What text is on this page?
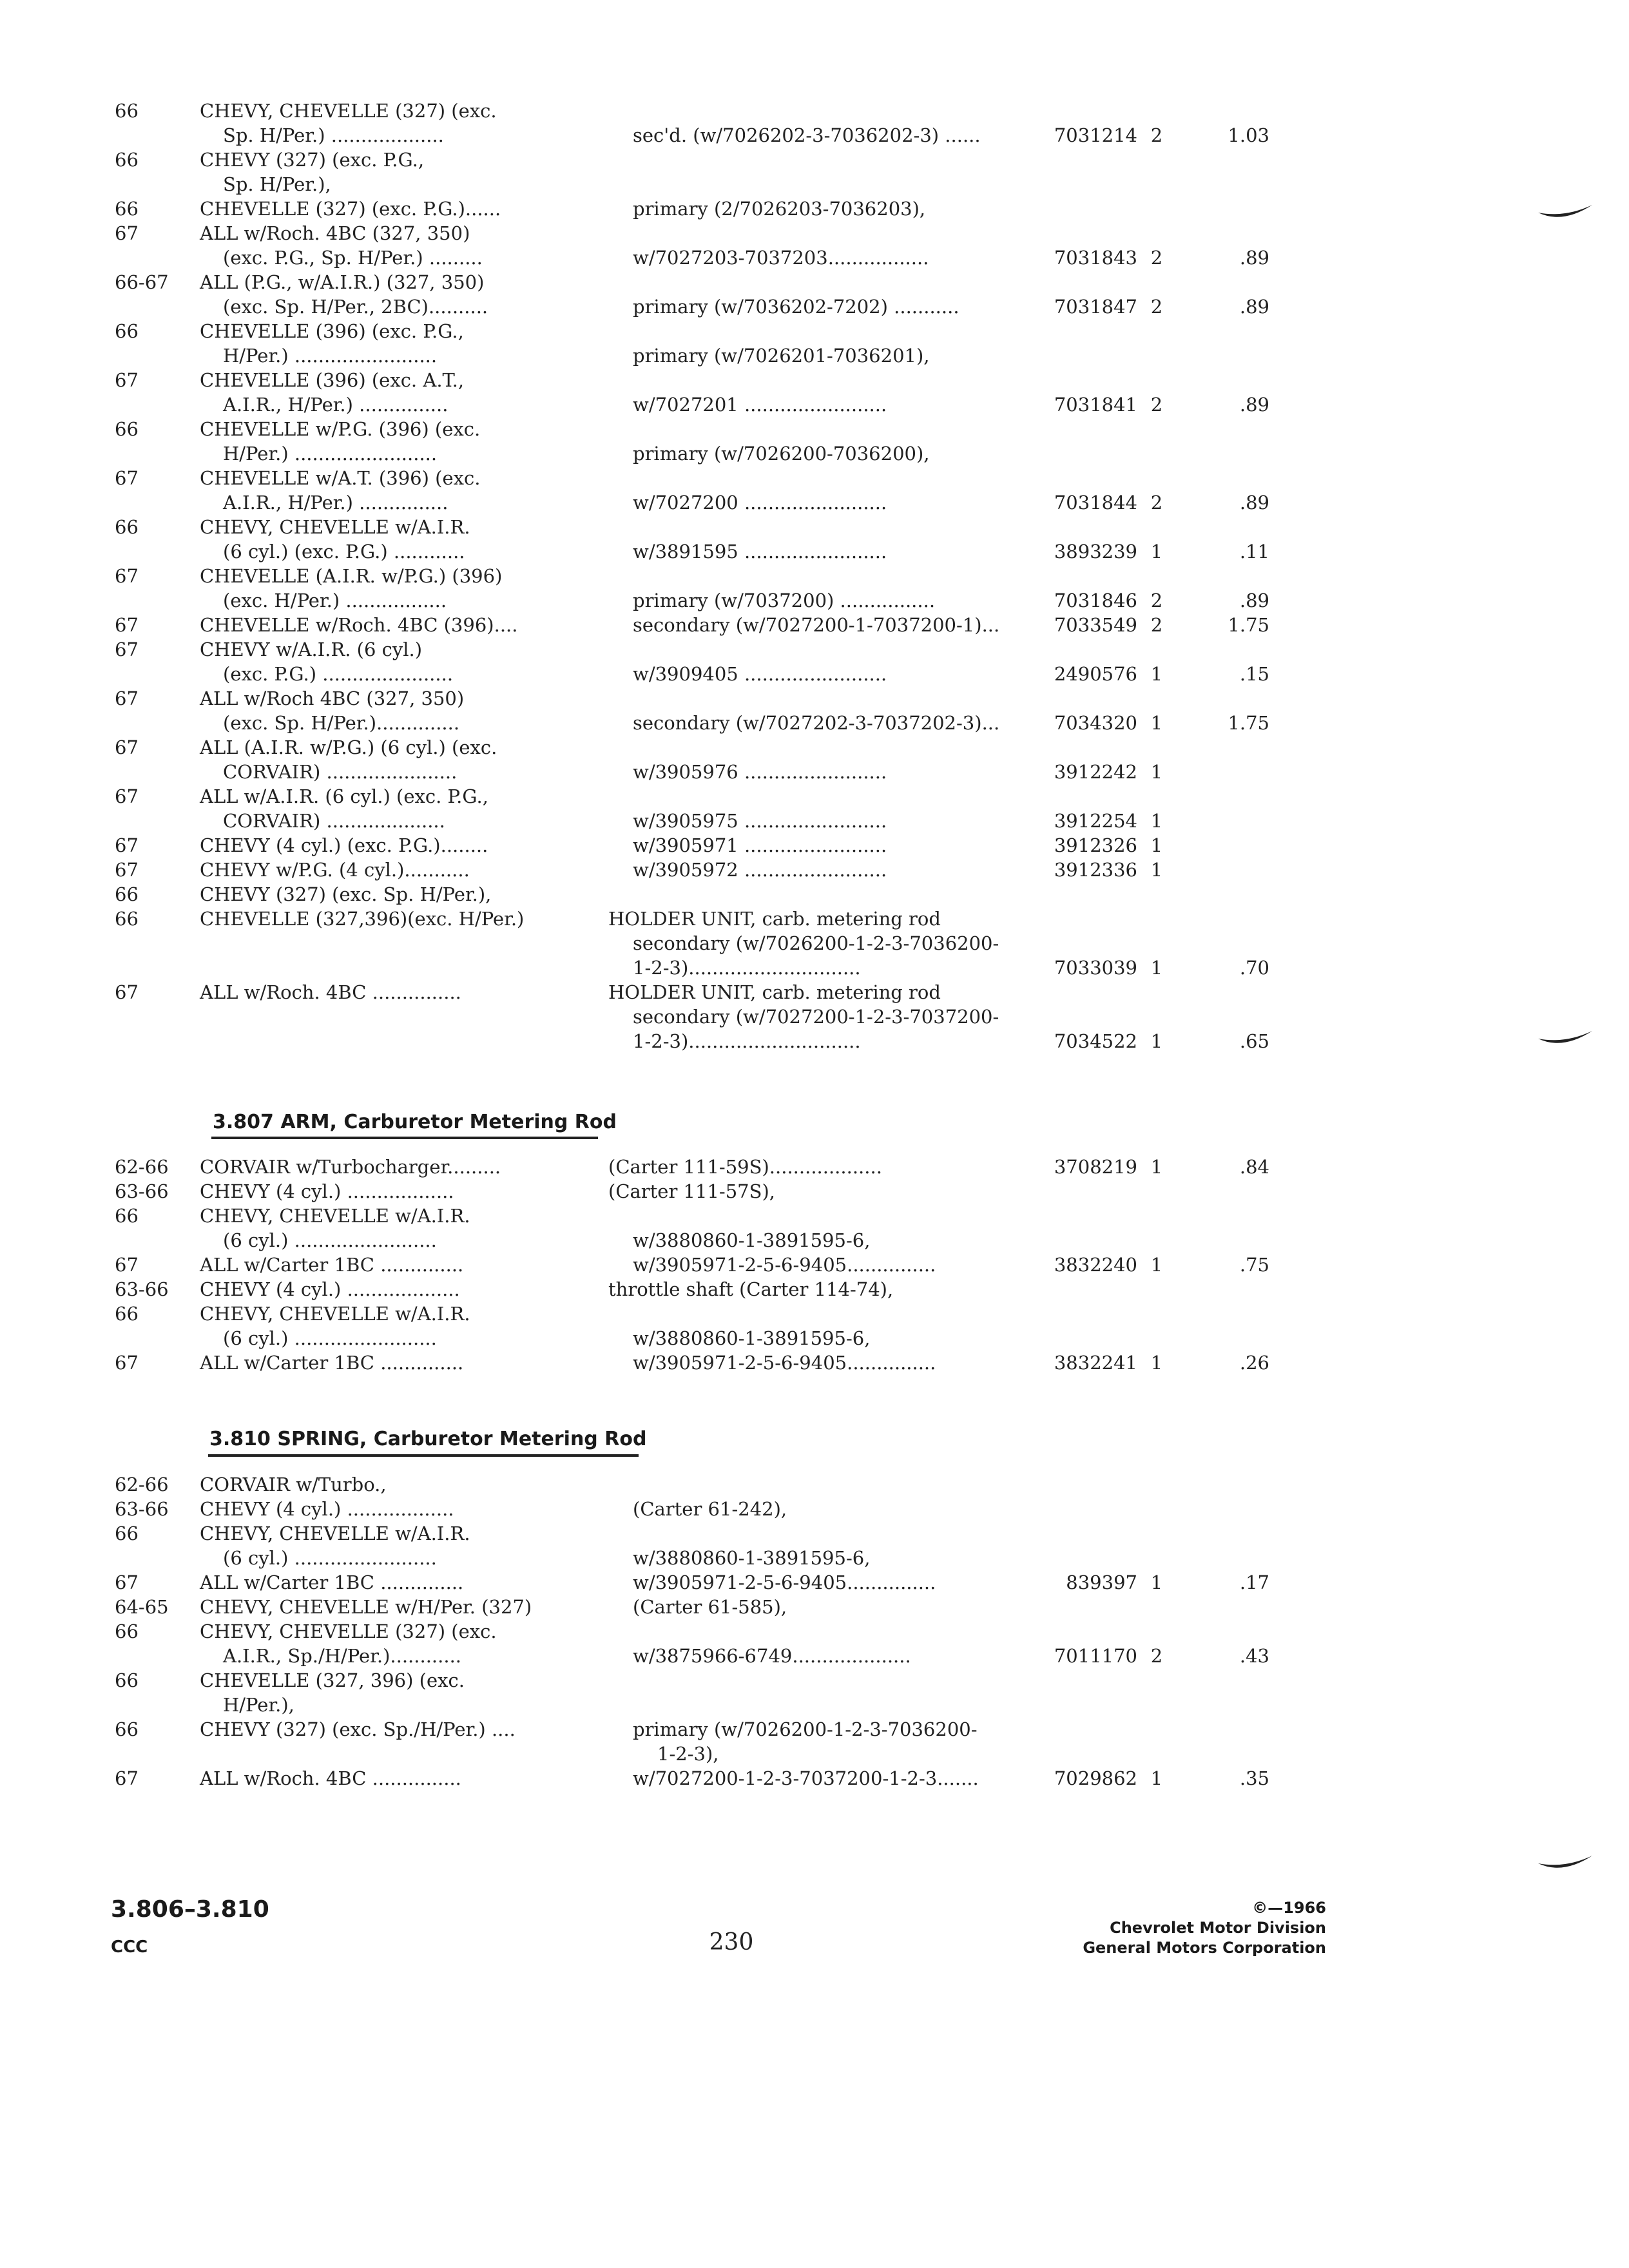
66	CHEVY, CHEVELLE (327) (exc.
Sp. H/Per.) ...................	sec'd. (w/7026202-3-7036202-3) ......	7031214 2	1.03
66	CHEVY (327) (exc. P.G.,
Sp. H/Per.),
66	CHEVELLE (327) (exc. P.G.)......	primary (2/7026203-7036203),
67	ALL w/Roch. 4BC (327, 350)
(exc. P.G., Sp. H/Per.) .........	w/7027203-7037203.................	7031843 2	.89
66-67	ALL (P.G., w/A.I.R.) (327, 350)
(exc. Sp. H/Per., 2BC)..........	primary (w/7036202-7202) ...........	7031847 2	.89
66	CHEVELLE (396) (exc. P.G.,
H/Per.) ........................	primary (w/7026201-7036201),
67	CHEVELLE (396) (exc. A.T.,
A.I.R., H/Per.) ...............	w/7027201 ........................	7031841 2	.89
66	CHEVELLE w/P.G. (396) (exc.
H/Per.) ........................	primary (w/7026200-7036200),
67	CHEVELLE w/A.T. (396) (exc.
A.I.R., H/Per.) ...............	w/7027200 ........................	7031844 2	.89
66	CHEVY, CHEVELLE w/A.I.R.
(6 cyl.) (exc. P.G.) ............	w/3891595 ........................	3893239 1	.11
67	CHEVELLE (A.I.R. w/P.G.) (396)
(exc. H/Per.) .................	primary (w/7037200) ................	7031846 2	.89
67	CHEVELLE w/Roch. 4BC (396)....	secondary (w/7027200-1-7037200-1)...	7033549 2	1.75
67	CHEVY w/A.I.R. (6 cyl.)
(exc. P.G.) ......................	w/3909405 ........................	2490576 1	.15
67	ALL w/Roch 4BC (327, 350)
(exc. Sp. H/Per.)..............	secondary (w/7027202-3-7037202-3)...	7034320 1	1.75
67	ALL (A.I.R. w/P.G.) (6 cyl.) (exc.
CORVAIR) ......................	w/3905976 ........................	3912242 1
67	ALL w/A.I.R. (6 cyl.) (exc. P.G.,
CORVAIR) ....................	w/3905975 ........................	3912254 1
67	CHEVY (4 cyl.) (exc. P.G.)........	w/3905971 ........................	3912326 1
67	CHEVY w/P.G. (4 cyl.)...........	w/3905972 ........................	3912336 1
66	CHEVY (327) (exc. Sp. H/Per.),
66	CHEVELLE (327,396)(exc. H/Per.)	HOLDER UNIT, carb. metering rod
secondary (w/7026200-1-2-3-7036200-
1-2-3).............................	7033039 1	.70
67	ALL w/Roch. 4BC ...............	HOLDER UNIT, carb. metering rod
secondary (w/7027200-1-2-3-7037200-
1-2-3).............................	7034522 1	.65
3.807 ARM, Carburetor Metering Rod
62-66	CORVAIR w/Turbocharger.........	(Carter 111-59S)...................	3708219 1	.84
63-66	CHEVY (4 cyl.) ..................	(Carter 111-57S),
66	CHEVY, CHEVELLE w/A.I.R.
(6 cyl.) ........................	w/3880860-1-3891595-6,
67	ALL w/Carter 1BC ..............	w/3905971-2-5-6-9405...............	3832240 1	.75
63-66	CHEVY (4 cyl.) ...................	throttle shaft (Carter 114-74),
66	CHEVY, CHEVELLE w/A.I.R.
(6 cyl.) ........................	w/3880860-1-3891595-6,
67	ALL w/Carter 1BC ..............	w/3905971-2-5-6-9405...............	3832241 1	.26
3.810 SPRING, Carburetor Metering Rod
62-66	CORVAIR w/Turbo.,
63-66	CHEVY (4 cyl.) ..................	(Carter 61-242),
66	CHEVY, CHEVELLE w/A.I.R.
(6 cyl.) ........................	w/3880860-1-3891595-6,
67	ALL w/Carter 1BC ..............	w/3905971-2-5-6-9405...............	839397 1	.17
64-65	CHEVY, CHEVELLE w/H/Per. (327)	(Carter 61-585),
66	CHEVY, CHEVELLE (327) (exc.
A.I.R., Sp./H/Per.)............	w/3875966-6749....................	7011170 2	.43
66	CHEVELLE (327, 396) (exc.
H/Per.),
66	CHEVY (327) (exc. Sp./H/Per.) ....	primary (w/7026200-1-2-3-7036200-
1-2-3),
67	ALL w/Roch. 4BC ...............	w/7027200-1-2-3-7037200-1-2-3.......	7029862 1	.35
3.806–3.810
CCC	230
©—1966
Chevrolet Motor Division
General Motors Corporation
